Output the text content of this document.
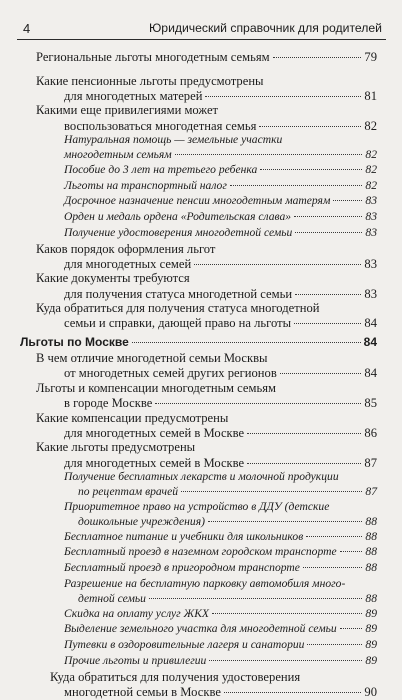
4	Юридический справочник для родителей
Региональные льготы многодетным семьям	79
Какие пенсионные льготы предусмотрены
для многодетных матерей	81
Какими еще привилегиями может
воспользоваться многодетная семья	82
Натуральная помощь — земельные участки
многодетным семьям	82
Пособие до 3 лет на третьего ребенка	82
Льготы на транспортный налог	82
Досрочное назначение пенсии многодетным матерям	83
Орден и медаль ордена «Родительская слава»	83
Получение удостоверения многодетной семьи	83
Каков порядок оформления льгот
для многодетных семей	83
Какие документы требуются
для получения статуса многодетной семьи	83
Куда обратиться для получения статуса многодетной
семьи и справки, дающей право на льготы	84
Льготы по Москве	84
В чем отличие многодетной семьи Москвы
от многодетных семей других регионов	84
Льготы и компенсации многодетным семьям
в городе Москве	85
Какие компенсации предусмотрены
для многодетных семей в Москве	86
Какие льготы предусмотрены
для многодетных семей в Москве	87
Получение бесплатных лекарств и молочной продукции
по рецептам врачей	87
Приоритетное право на устройство в ДДУ (детские
дошкольные учреждения)	88
Бесплатное питание и учебники для школьников	88
Бесплатный проезд в наземном городском транспорте 88
Бесплатный проезд в пригородном транспорте	88
Разрешение на бесплатную парковку автомобиля много-
детной семьи	88
Скидка на оплату услуг ЖКХ	89
Выделение земельного участка для многодетной семьи 89
Путевки в оздоровительные лагеря и санатории	89
Прочие льготы и привилегии	89
Куда обратиться для получения удостоверения
многодетной семьи в Москве	90
